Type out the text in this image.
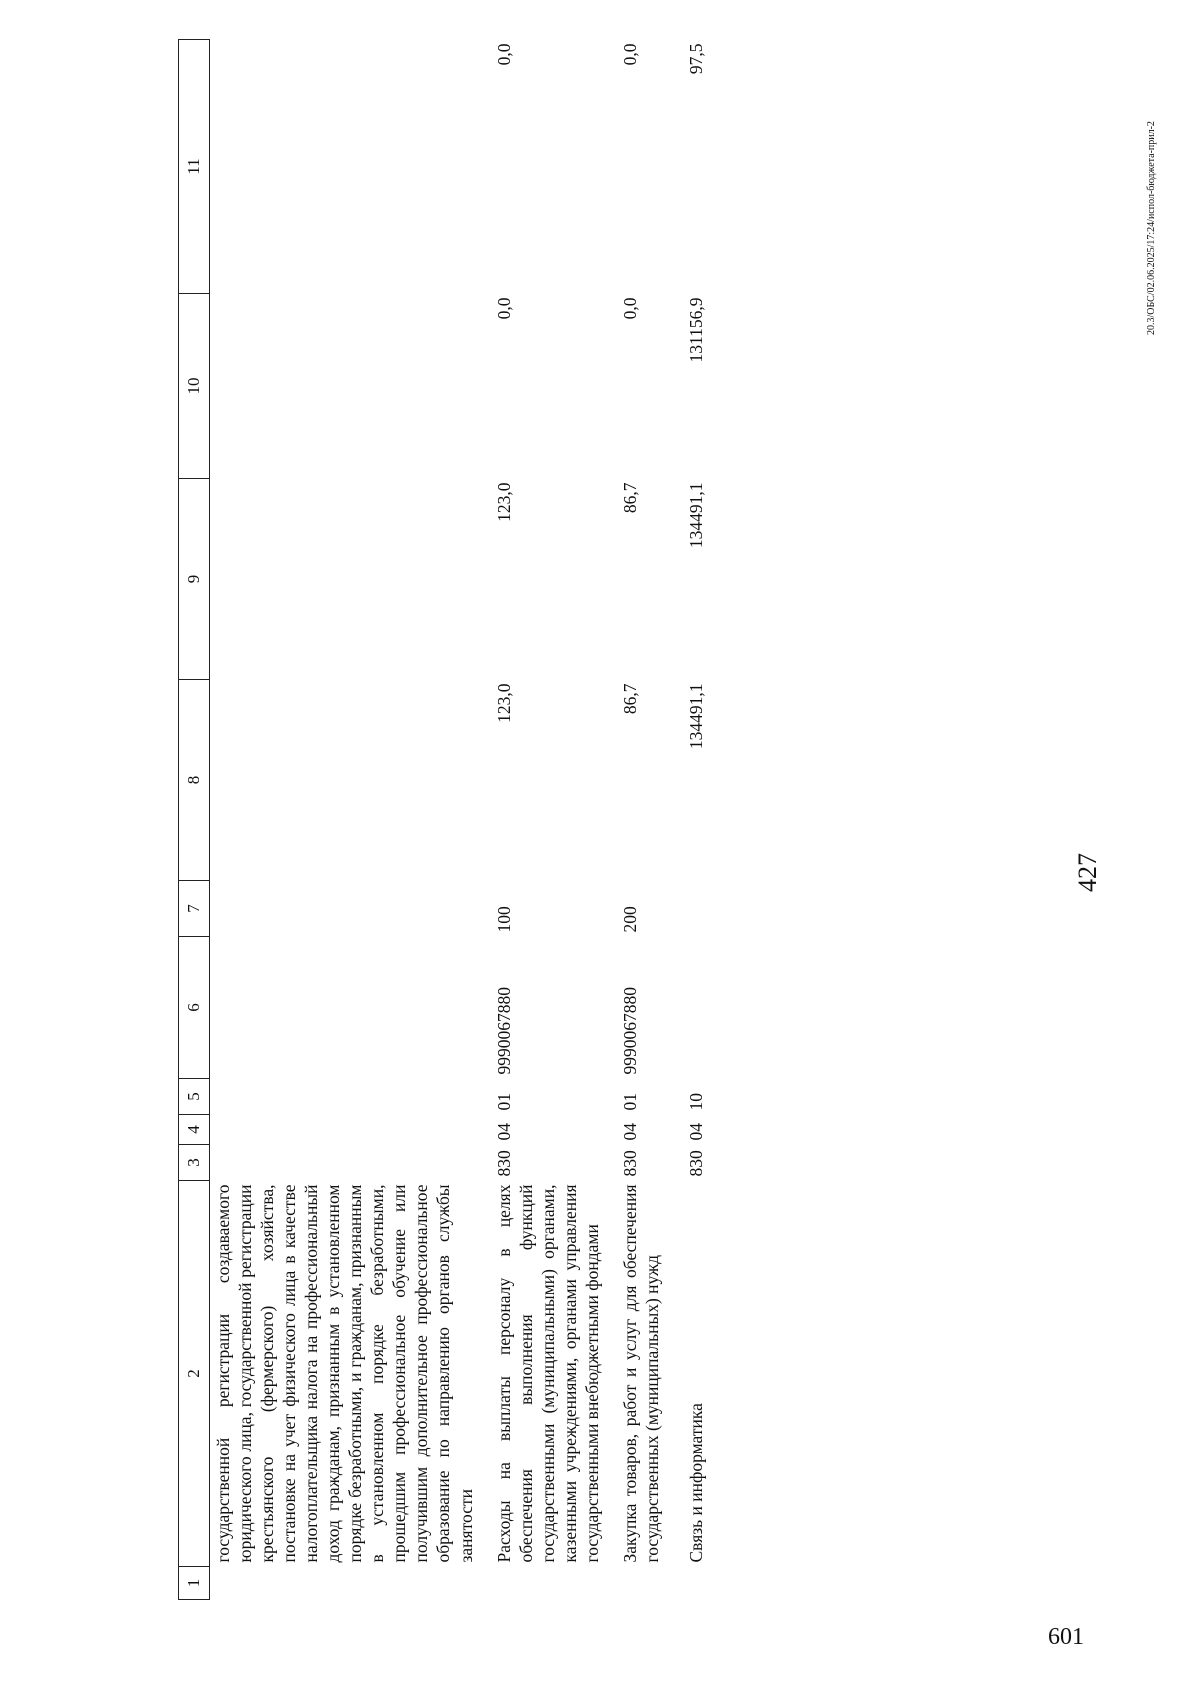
427
1	2	3	4	5	6	7	8	9	10	11

	государственной регистрации создаваемого юридического лица, государственной регистрации крестьянского (фермерского) хозяйства, постановке на учет физического лица в качестве налогоплательщика налога на профессиональный доход гражданам, признанным в установленном порядке безработными, и гражданам, признанным в установленном порядке безработными, прошедшим профессиональное обучение или получившим дополнительное профессиональное образование по направлению органов службы занятости									

	Расходы на выплаты персоналу в целях обеспечения выполнения функций государственными (муниципальными) органами, казенными учреждениями, органами управления государственными внебюджетными фондами	830	04	01	9990067880	100	123,0	123,0	0,0	0,0

	Закупка товаров, работ и услуг для обеспечения государственных (муниципальных) нужд	830	04	01	9990067880	200	86,7	86,7	0,0	0,0

	Связь и информатика	830	04	10			134491,1	134491,1	131156,9	97,5
20.3/ОБС/02.06.2025/17:24/испол-бюджета-прил-2
601
